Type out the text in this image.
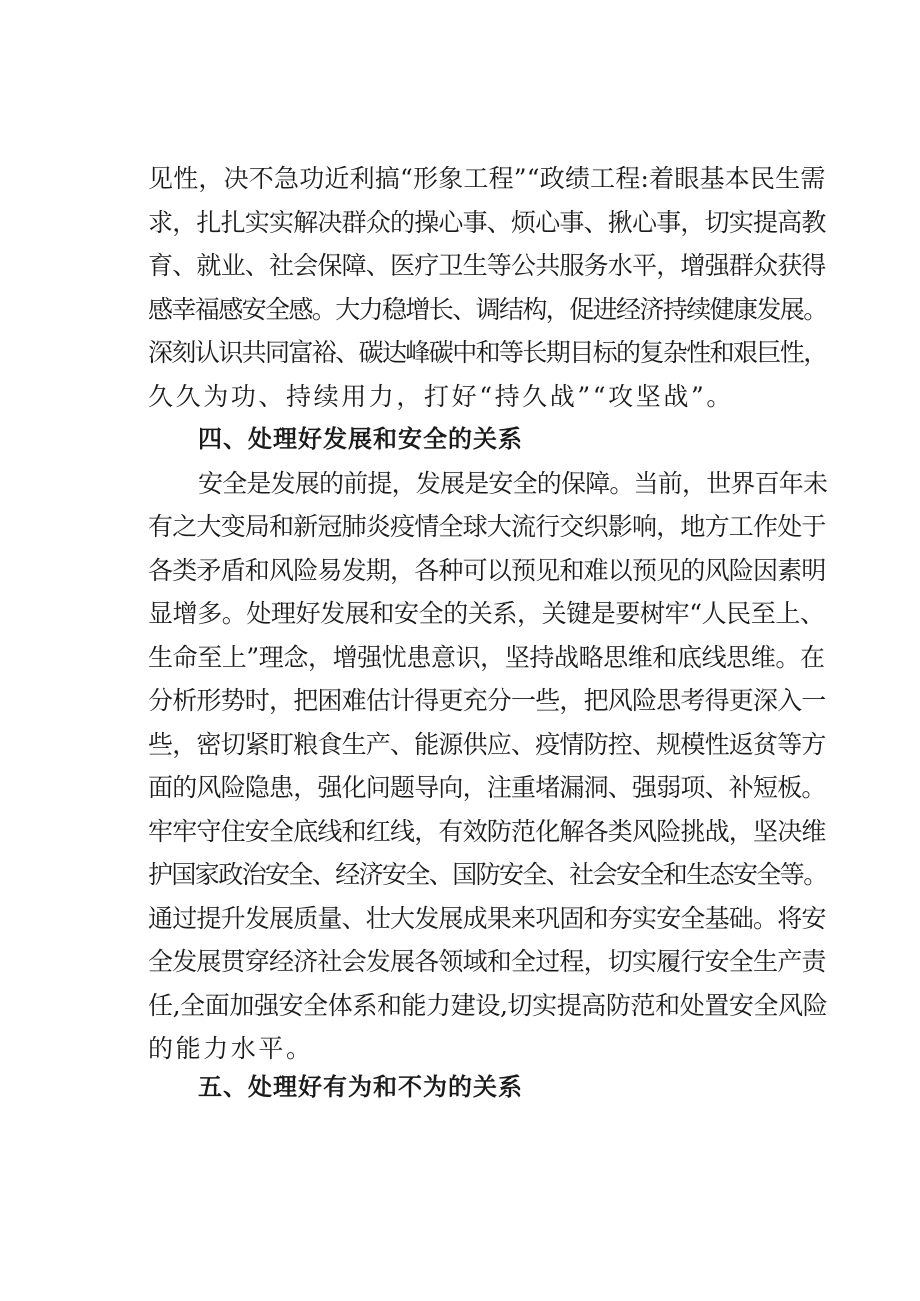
见性，决不急功近利搞“形象工程”“政绩工程:着眼基本民生需
求，扎扎实实解决群众的操心事、烦心事、揪心事，切实提高教
育、就业、社会保障、医疗卫生等公共服务水平，增强群众获得
感幸福感安全感。大力稳增长、调结构，促进经济持续健康发展。
深刻认识共同富裕、碳达峰碳中和等长期目标的复杂性和艰巨性，
久久为功、持续用力，打好“持久战”“攻坚战”。
四、处理好发展和安全的关系
安全是发展的前提，发展是安全的保障。当前，世界百年未
有之大变局和新冠肺炎疫情全球大流行交织影响，地方工作处于
各类矛盾和风险易发期，各种可以预见和难以预见的风险因素明
显增多。处理好发展和安全的关系，关键是要树牢“人民至上、
生命至上”理念，增强忧患意识，坚持战略思维和底线思维。在
分析形势时，把困难估计得更充分一些，把风险思考得更深入一
些，密切紧盯粮食生产、能源供应、疫情防控、规模性返贫等方
面的风险隐患，强化问题导向，注重堵漏洞、强弱项、补短板。
牢牢守住安全底线和红线，有效防范化解各类风险挑战，坚决维
护国家政治安全、经济安全、国防安全、社会安全和生态安全等。
通过提升发展质量、壮大发展成果来巩固和夯实安全基础。将安
全发展贯穿经济社会发展各领域和全过程，切实履行安全生产责
任,全面加强安全体系和能力建设,切实提高防范和处置安全风险
的能力水平。
五、处理好有为和不为的关系
